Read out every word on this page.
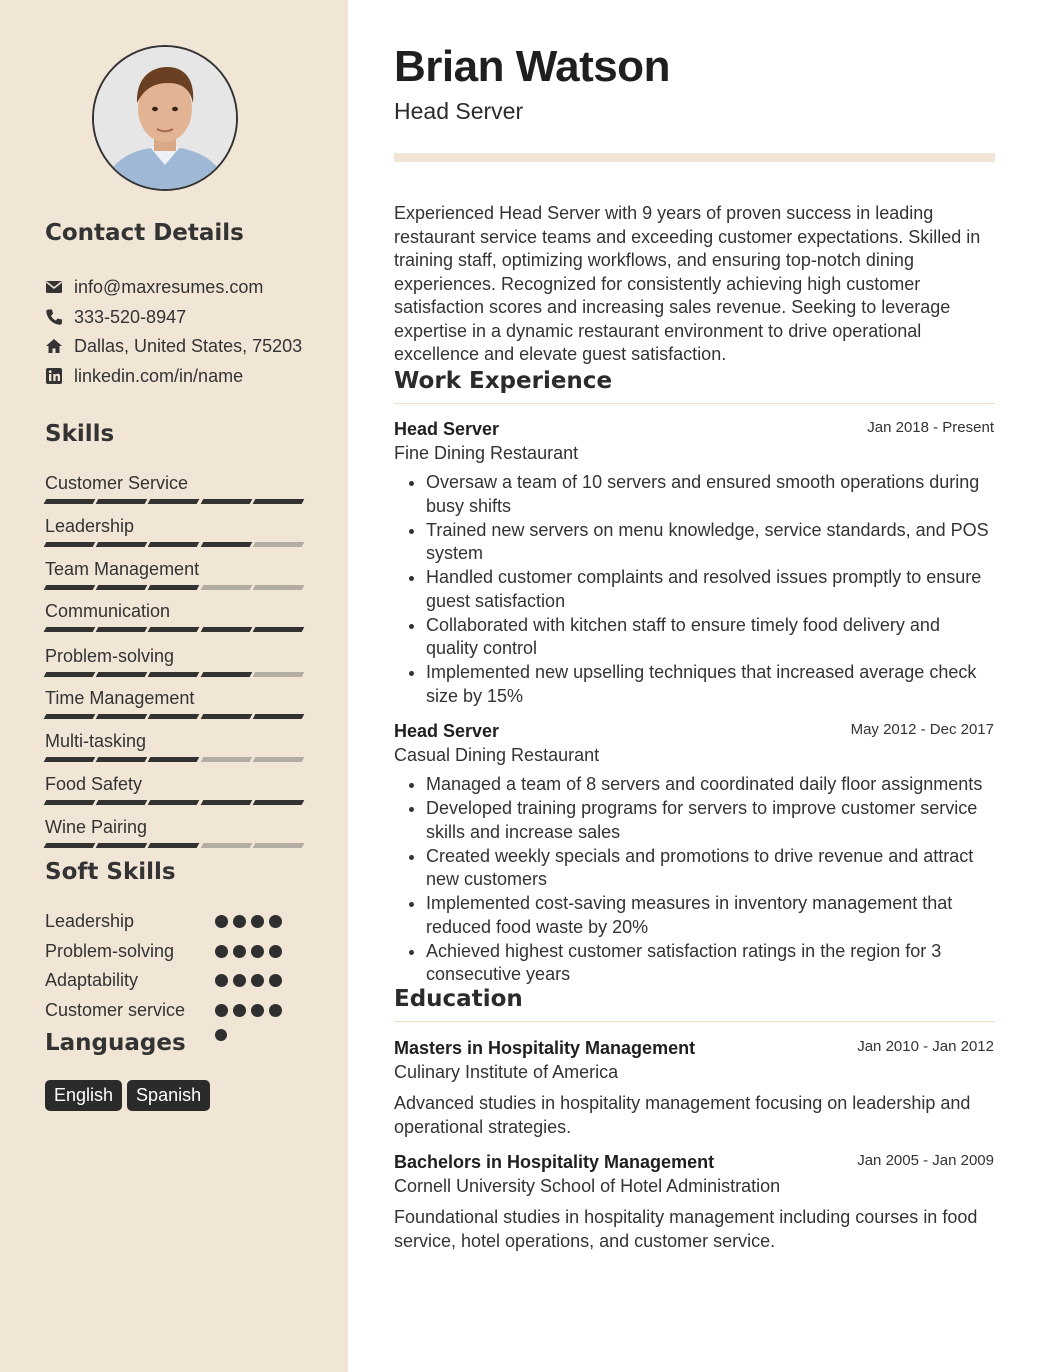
Contact Details
info@maxresumes.com
333-520-8947
Dallas, United States, 75203
linkedin.com/in/name
Skills
Customer Service
Leadership
Team Management
Communication
Problem-solving
Time Management
Multi-tasking
Food Safety
Wine Pairing
Soft Skills
Leadership
Problem-solving
Adaptability
Customer service
Languages
English	Spanish
Brian Watson
Head Server

Experienced Head Server with 9 years of proven success in leading restaurant service teams and exceeding customer expectations. Skilled in training staff, optimizing workflows, and ensuring top-notch dining experiences. Recognized for consistently achieving high customer satisfaction scores and increasing sales revenue. Seeking to leverage expertise in a dynamic restaurant environment to drive operational excellence and elevate guest satisfaction.

Work Experience
Head Server	Jan 2018 - Present
Fine Dining Restaurant
• Oversaw a team of 10 servers and ensured smooth operations during busy shifts
• Trained new servers on menu knowledge, service standards, and POS system
• Handled customer complaints and resolved issues promptly to ensure guest satisfaction
• Collaborated with kitchen staff to ensure timely food delivery and quality control
• Implemented new upselling techniques that increased average check size by 15%
Head Server	May 2012 - Dec 2017
Casual Dining Restaurant
• Managed a team of 8 servers and coordinated daily floor assignments
• Developed training programs for servers to improve customer service skills and increase sales
• Created weekly specials and promotions to drive revenue and attract new customers
• Implemented cost-saving measures in inventory management that reduced food waste by 20%
• Achieved highest customer satisfaction ratings in the region for 3 consecutive years
Education
Masters in Hospitality Management	Jan 2010 - Jan 2012
Culinary Institute of America

Advanced studies in hospitality management focusing on leadership and operational strategies.

Bachelors in Hospitality Management	Jan 2005 - Jan 2009
Cornell University School of Hotel Administration

Foundational studies in hospitality management including courses in food service, hotel operations, and customer service.
